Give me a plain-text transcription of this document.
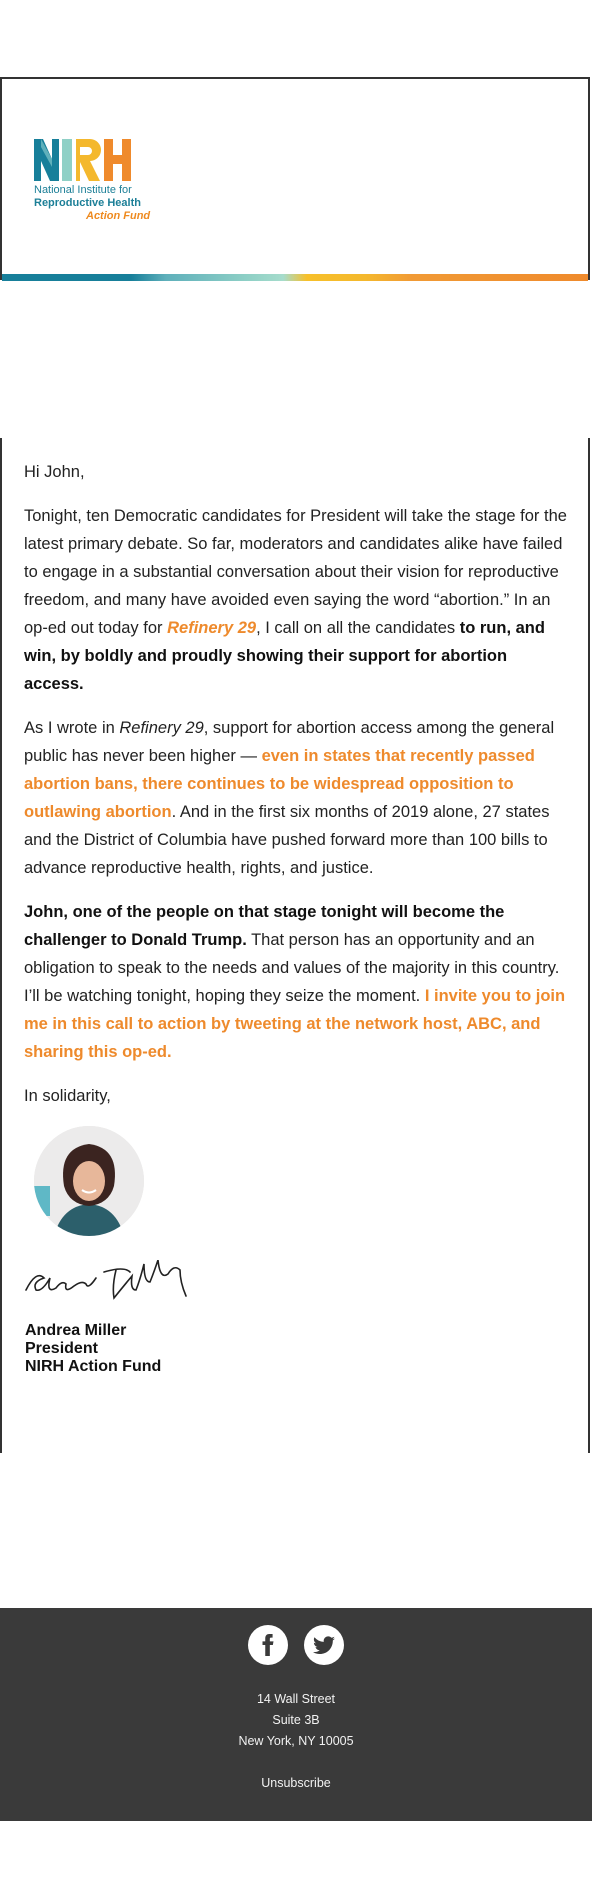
National Institute for
Reproductive Health
Action Fund

Hi John,

Tonight, ten Democratic candidates for President will take the stage for the latest primary debate. So far, moderators and candidates alike have failed to engage in a substantial conversation about their vision for reproductive freedom, and many have avoided even saying the word “abortion.” In an op-ed out today for Refinery 29, I call on all the candidates to run, and win, by boldly and proudly showing their support for abortion access.

As I wrote in Refinery 29, support for abortion access among the general public has never been higher — even in states that recently passed abortion bans, there continues to be widespread opposition to outlawing abortion. And in the first six months of 2019 alone, 27 states and the District of Columbia have pushed forward more than 100 bills to advance reproductive health, rights, and justice.

John, one of the people on that stage tonight will become the challenger to Donald Trump. That person has an opportunity and an obligation to speak to the needs and values of the majority in this country. I’ll be watching tonight, hoping they seize the moment. I invite you to join me in this call to action by tweeting at the network host, ABC, and sharing this op-ed.

In solidarity,

Andrea Miller
President
NIRH Action Fund
14 Wall Street
Suite 3B
New York, NY 10005
Unsubscribe
